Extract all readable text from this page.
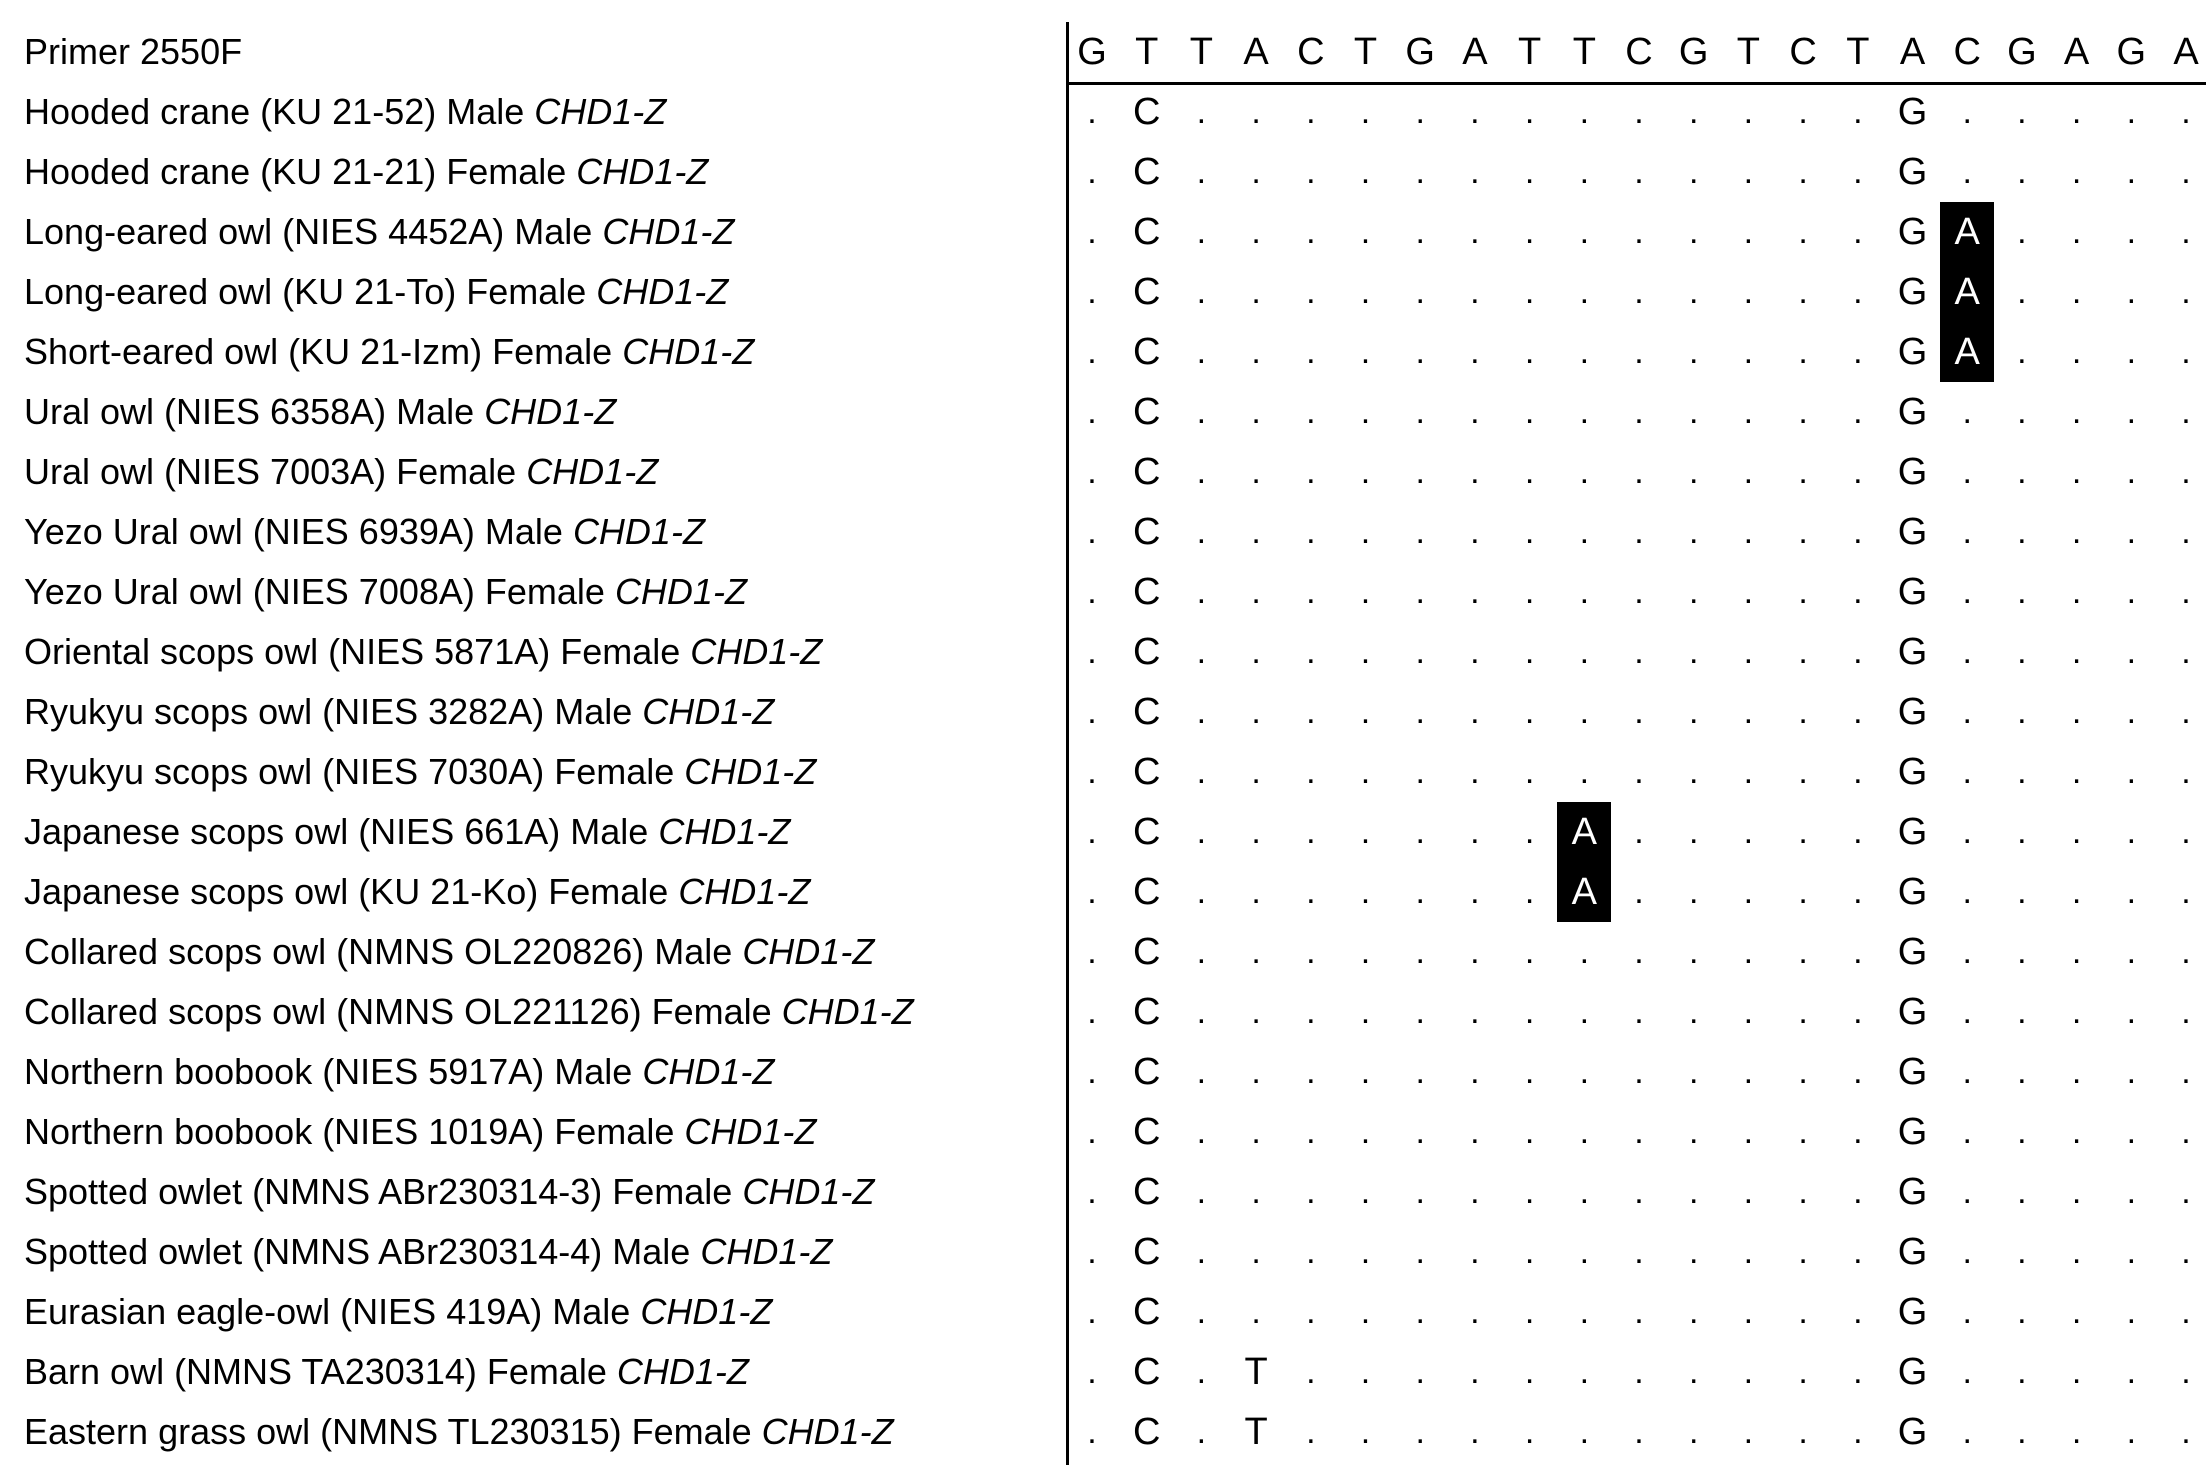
Primer 2550F	G T T A C T G A T T C G T C T A C G A G A
Hooded crane (KU 21-52) Male CHD1-Z	. C	.	.	.	.	.	.	.	.	.	.	.	.	. G	.	.	.	.	.
Hooded crane (KU 21-21) Female CHD1-Z	. C	.	.	.	.	.	.	.	.	.	.	.	.	. G	.	.	.	.	.
Long-eared owl (NIES 4452A) Male CHD1-Z	. C	.	.	.	.	.	.	.	.	.	.	.	.	. G A	.	.	.	.
Long-eared owl (KU 21-To) Female CHD1-Z	. C	.	.	.	.	.	.	.	.	.	.	.	.	. G A	.	.	.	.
Short-eared owl (KU 21-Izm) Female CHD1-Z	. C	.	.	.	.	.	.	.	.	.	.	.	.	. G A	.	.	.	.
Ural owl (NIES 6358A) Male CHD1-Z	. C	.	.	.	.	.	.	.	.	.	.	.	.	. G	.	.	.	.	.
Ural owl (NIES 7003A) Female CHD1-Z	. C	.	.	.	.	.	.	.	.	.	.	.	.	. G	.	.	.	.	.
Yezo Ural owl (NIES 6939A) Male CHD1-Z	. C	.	.	.	.	.	.	.	.	.	.	.	.	. G	.	.	.	.	.
Yezo Ural owl (NIES 7008A) Female CHD1-Z	. C	.	.	.	.	.	.	.	.	.	.	.	.	. G	.	.	.	.	.
Oriental scops owl (NIES 5871A) Female CHD1-Z	. C	.	.	.	.	.	.	.	.	.	.	.	.	. G	.	.	.	.	.
Ryukyu scops owl (NIES 3282A) Male CHD1-Z	. C	.	.	.	.	.	.	.	.	.	.	.	.	. G	.	.	.	.	.
Ryukyu scops owl (NIES 7030A) Female CHD1-Z	. C	.	.	.	.	.	.	.	.	.	.	.	.	. G	.	.	.	.	.
Japanese scops owl (NIES 661A) Male CHD1-Z	. C	.	.	.	.	.	.	. A	.	.	.	.	. G	.	.	.	.	.
Japanese scops owl (KU 21-Ko) Female CHD1-Z	. C	.	.	.	.	.	.	. A	.	.	.	.	. G	.	.	.	.	.
Collared scops owl (NMNS OL220826) Male CHD1-Z	. C	.	.	.	.	.	.	.	.	.	.	.	.	. G	.	.	.	.	.
Collared scops owl (NMNS OL221126) Female CHD1-Z	. C	.	.	.	.	.	.	.	.	.	.	.	.	. G	.	.	.	.	.
Northern boobook (NIES 5917A) Male CHD1-Z	. C	.	.	.	.	.	.	.	.	.	.	.	.	. G	.	.	.	.	.
Northern boobook (NIES 1019A) Female CHD1-Z	. C	.	.	.	.	.	.	.	.	.	.	.	.	. G	.	.	.	.	.
Spotted owlet (NMNS ABr230314-3) Female CHD1-Z	. C	.	.	.	.	.	.	.	.	.	.	.	.	. G	.	.	.	.	.
Spotted owlet (NMNS ABr230314-4) Male CHD1-Z	. C	.	.	.	.	.	.	.	.	.	.	.	.	. G	.	.	.	.	.
Eurasian eagle-owl (NIES 419A) Male CHD1-Z	. C	.	.	.	.	.	.	.	.	.	.	.	.	. G	.	.	.	.	.
Barn owl (NMNS TA230314) Female CHD1-Z	. C	.	T	.	.	.	.	.	.	.	.	.	.	. G	.	.	.	.	.
Eastern grass owl (NMNS TL230315) Female CHD1-Z	. C	.	T	.	.	.	.	.	.	.	.	.	.	. G	.	.	.	.	.
